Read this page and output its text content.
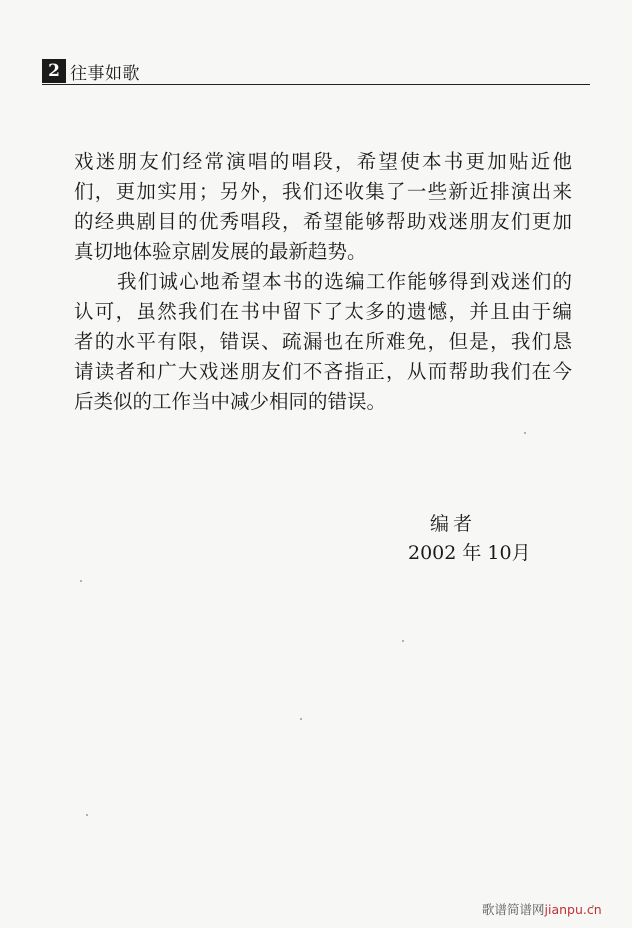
2 往事如歌
戏迷朋友们经常演唱的唱段，希望使本书更加贴近他
们，更加实用；另外，我们还收集了一些新近排演出来
的经典剧目的优秀唱段，希望能够帮助戏迷朋友们更加
真切地体验京剧发展的最新趋势。
我们诚心地希望本书的选编工作能够得到戏迷们的
认可，虽然我们在书中留下了太多的遗憾，并且由于编
者的水平有限，错误、疏漏也在所难免，但是，我们恳
请读者和广大戏迷朋友们不吝指正，从而帮助我们在今
后类似的工作当中减少相同的错误。
编者
2002 年 10月
歌谱简谱网jianpu.cn
